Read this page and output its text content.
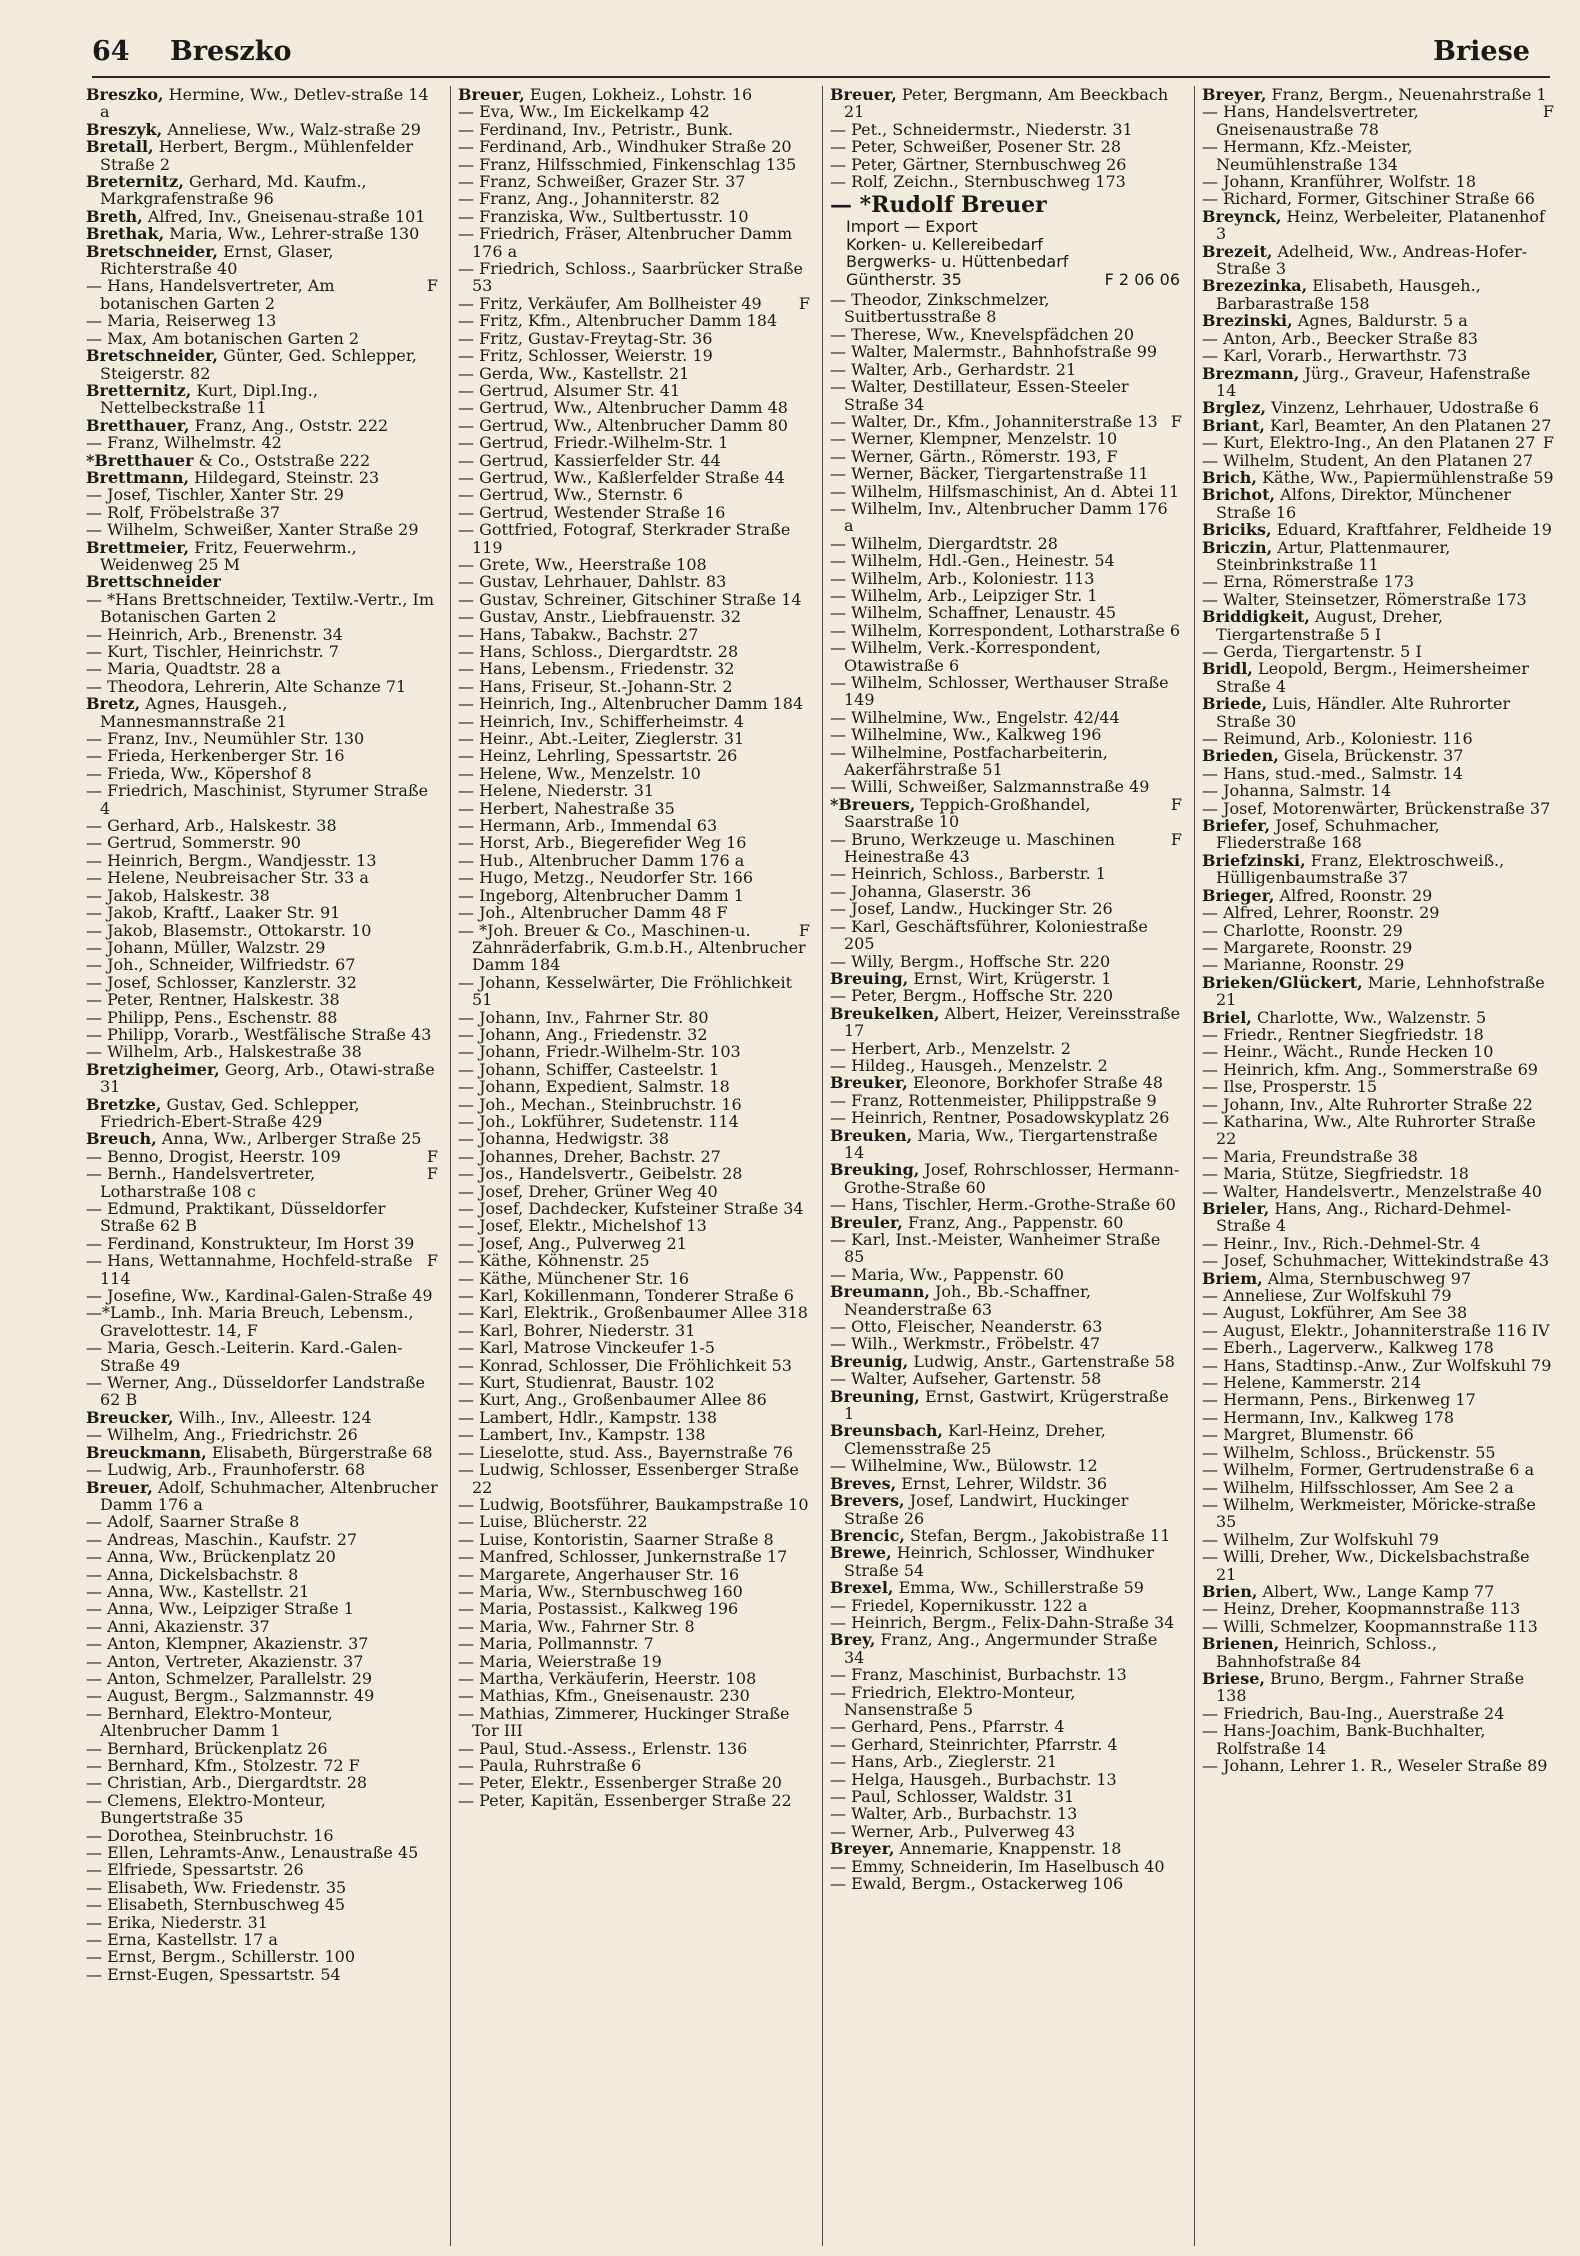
64 Breszko	Briese

Breszko, Hermine, Ww., Detlev-straße 14 a

Breszyk, Anneliese, Ww., Walz-straße 29

Bretall, Herbert, Bergm., Mühlenfelder Straße 2

Breternitz, Gerhard, Md. Kaufm., Markgrafenstraße 96

Breth, Alfred, Inv., Gneisenau-straße 101

Brethak, Maria, Ww., Lehrer-straße 130

Bretschneider, Ernst, Glaser, Richterstraße 40

F
— Hans, Handelsvertreter, Am botanischen Garten 2

— Maria, Reiserweg 13

— Max, Am botanischen Garten 2

Bretschneider, Günter, Ged. Schlepper, Steigerstr. 82

Bretternitz, Kurt, Dipl.Ing., Nettelbeckstraße 11

Bretthauer, Franz, Ang., Oststr. 222

— Franz, Wilhelmstr. 42

*Bretthauer & Co., Oststraße 222

Brettmann, Hildegard, Steinstr. 23

— Josef, Tischler, Xanter Str. 29

— Rolf, Fröbelstraße 37

— Wilhelm, Schweißer, Xanter Straße 29

Brettmeier, Fritz, Feuerwehrm., Weidenweg 25 M

Brettschneider

— *Hans Brettschneider, Textilw.-Vertr., Im Botanischen Garten 2

— Heinrich, Arb., Brenenstr. 34

— Kurt, Tischler, Heinrichstr. 7

— Maria, Quadtstr. 28 a

— Theodora, Lehrerin, Alte Schanze 71

Bretz, Agnes, Hausgeh., Mannesmannstraße 21

— Franz, Inv., Neumühler Str. 130

— Frieda, Herkenberger Str. 16

— Frieda, Ww., Köpershof 8

— Friedrich, Maschinist, Styrumer Straße 4

— Gerhard, Arb., Halskestr. 38

— Gertrud, Sommerstr. 90

— Heinrich, Bergm., Wandjesstr. 13

— Helene, Neubreisacher Str. 33 a

— Jakob, Halskestr. 38

— Jakob, Kraftf., Laaker Str. 91

— Jakob, Blasemstr., Ottokarstr. 10

— Johann, Müller, Walzstr. 29

— Joh., Schneider, Wilfriedstr. 67

— Josef, Schlosser, Kanzlerstr. 32

— Peter, Rentner, Halskestr. 38

— Philipp, Pens., Eschenstr. 88

— Philipp, Vorarb., Westfälische Straße 43

— Wilhelm, Arb., Halskestraße 38

Bretzigheimer, Georg, Arb., Otawi-straße 31

Bretzke, Gustav, Ged. Schlepper, Friedrich-Ebert-Straße 429

Breuch, Anna, Ww., Arlberger Straße 25

F
— Benno, Drogist, Heerstr. 109

F
— Bernh., Handelsvertreter, Lotharstraße 108 c

— Edmund, Praktikant, Düsseldorfer Straße 62 B

— Ferdinand, Konstrukteur, Im Horst 39

F
— Hans, Wettannahme, Hochfeld-straße 114

— Josefine, Ww., Kardinal-Galen-Straße 49

—*Lamb., Inh. Maria Breuch, Lebensm., Gravelottestr. 14, F

— Maria, Gesch.-Leiterin. Kard.-Galen-Straße 49

— Werner, Ang., Düsseldorfer Landstraße 62 B

Breucker, Wilh., Inv., Alleestr. 124

— Wilhelm, Ang., Friedrichstr. 26

Breuckmann, Elisabeth, Bürgerstraße 68

— Ludwig, Arb., Fraunhoferstr. 68

Breuer, Adolf, Schuhmacher, Altenbrucher Damm 176 a

— Adolf, Saarner Straße 8

— Andreas, Maschin., Kaufstr. 27

— Anna, Ww., Brückenplatz 20

— Anna, Dickelsbachstr. 8

— Anna, Ww., Kastellstr. 21

— Anna, Ww., Leipziger Straße 1

— Anni, Akazienstr. 37

— Anton, Klempner, Akazienstr. 37

— Anton, Vertreter, Akazienstr. 37

— Anton, Schmelzer, Parallelstr. 29

— August, Bergm., Salzmannstr. 49

— Bernhard, Elektro-Monteur, Altenbrucher Damm 1

— Bernhard, Brückenplatz 26

— Bernhard, Kfm., Stolzestr. 72 F

— Christian, Arb., Diergardtstr. 28

— Clemens, Elektro-Monteur, Bungertstraße 35

— Dorothea, Steinbruchstr. 16

— Ellen, Lehramts-Anw., Lenaustraße 45

— Elfriede, Spessartstr. 26

— Elisabeth, Ww. Friedenstr. 35

— Elisabeth, Sternbuschweg 45

— Erika, Niederstr. 31

— Erna, Kastellstr. 17 a

— Ernst, Bergm., Schillerstr. 100

— Ernst-Eugen, Spessartstr. 54

Breuer, Eugen, Lokheiz., Lohstr. 16

— Eva, Ww., Im Eickelkamp 42

— Ferdinand, Inv., Petristr., Bunk.

— Ferdinand, Arb., Windhuker Straße 20

— Franz, Hilfsschmied, Finkenschlag 135

— Franz, Schweißer, Grazer Str. 37

— Franz, Ang., Johanniterstr. 82

— Franziska, Ww., Sultbertusstr. 10

— Friedrich, Fräser, Altenbrucher Damm 176 a

— Friedrich, Schloss., Saarbrücker Straße 53

F
— Fritz, Verkäufer, Am Bollheister 49

— Fritz, Kfm., Altenbrucher Damm 184

— Fritz, Gustav-Freytag-Str. 36

— Fritz, Schlosser, Weierstr. 19

— Gerda, Ww., Kastellstr. 21

— Gertrud, Alsumer Str. 41

— Gertrud, Ww., Altenbrucher Damm 48

— Gertrud, Ww., Altenbrucher Damm 80

— Gertrud, Friedr.-Wilhelm-Str. 1

— Gertrud, Kassierfelder Str. 44

— Gertrud, Ww., Kaßlerfelder Straße 44

— Gertrud, Ww., Sternstr. 6

— Gertrud, Westender Straße 16

— Gottfried, Fotograf, Sterkrader Straße 119

— Grete, Ww., Heerstraße 108

— Gustav, Lehrhauer, Dahlstr. 83

— Gustav, Schreiner, Gitschiner Straße 14

— Gustav, Anstr., Liebfrauenstr. 32

— Hans, Tabakw., Bachstr. 27

— Hans, Schloss., Diergardtstr. 28

— Hans, Lebensm., Friedenstr. 32

— Hans, Friseur, St.-Johann-Str. 2

— Heinrich, Ing., Altenbrucher Damm 184

— Heinrich, Inv., Schifferheimstr. 4

— Heinr., Abt.-Leiter, Zieglerstr. 31

— Heinz, Lehrling, Spessartstr. 26

— Helene, Ww., Menzelstr. 10

— Helene, Niederstr. 31

— Herbert, Nahestraße 35

— Hermann, Arb., Immendal 63

— Horst, Arb., Biegerefider Weg 16

— Hub., Altenbrucher Damm 176 a

— Hugo, Metzg., Neudorfer Str. 166

— Ingeborg, Altenbrucher Damm 1

— Joh., Altenbrucher Damm 48 F

F
— *Joh. Breuer & Co., Maschinen-u. Zahnräderfabrik, G.m.b.H., Altenbrucher Damm 184

— Johann, Kesselwärter, Die Fröhlichkeit 51

— Johann, Inv., Fahrner Str. 80

— Johann, Ang., Friedenstr. 32

— Johann, Friedr.-Wilhelm-Str. 103

— Johann, Schiffer, Casteelstr. 1

— Johann, Expedient, Salmstr. 18

— Joh., Mechan., Steinbruchstr. 16

— Joh., Lokführer, Sudetenstr. 114

— Johanna, Hedwigstr. 38

— Johannes, Dreher, Bachstr. 27

— Jos., Handelsvertr., Geibelstr. 28

— Josef, Dreher, Grüner Weg 40

— Josef, Dachdecker, Kufsteiner Straße 34

— Josef, Elektr., Michelshof 13

— Josef, Ang., Pulverweg 21

— Käthe, Köhnenstr. 25

— Käthe, Münchener Str. 16

— Karl, Kokillenmann, Tonderer Straße 6

— Karl, Elektrik., Großenbaumer Allee 318

— Karl, Bohrer, Niederstr. 31

— Karl, Matrose Vinckeufer 1-5

— Konrad, Schlosser, Die Fröhlichkeit 53

— Kurt, Studienrat, Baustr. 102

— Kurt, Ang., Großenbaumer Allee 86

— Lambert, Hdlr., Kampstr. 138

— Lambert, Inv., Kampstr. 138

— Lieselotte, stud. Ass., Bayernstraße 76

— Ludwig, Schlosser, Essenberger Straße 22

— Ludwig, Bootsführer, Baukampstraße 10

— Luise, Blücherstr. 22

— Luise, Kontoristin, Saarner Straße 8

— Manfred, Schlosser, Junkernstraße 17

— Margarete, Angerhauser Str. 16

— Maria, Ww., Sternbuschweg 160

— Maria, Postassist., Kalkweg 196

— Maria, Ww., Fahrner Str. 8

— Maria, Pollmannstr. 7

— Maria, Weierstraße 19

— Martha, Verkäuferin, Heerstr. 108

— Mathias, Kfm., Gneisenaustr. 230

— Mathias, Zimmerer, Huckinger Straße Tor III

— Paul, Stud.-Assess., Erlenstr. 136

— Paula, Ruhrstraße 6

— Peter, Elektr., Essenberger Straße 20

— Peter, Kapitän, Essenberger Straße 22

Breuer, Peter, Bergmann, Am Beeckbach 21

— Pet., Schneidermstr., Niederstr. 31

— Peter, Schweißer, Posener Str. 28

— Peter, Gärtner, Sternbuschweg 26

— Rolf, Zeichn., Sternbuschweg 173

— *Rudolf Breuer
Import — Export
Korken- u. Kellereibedarf
Bergwerks- u. Hüttenbedarf
F 2 06 06
Güntherstr. 35

— Theodor, Zinkschmelzer, Suitbertusstraße 8

— Therese, Ww., Knevelspfädchen 20

— Walter, Malermstr., Bahnhofstraße 99

— Walter, Arb., Gerhardstr. 21

— Walter, Destillateur, Essen-Steeler Straße 34

F
— Walter, Dr., Kfm., Johanniterstraße 13

— Werner, Klempner, Menzelstr. 10

— Werner, Gärtn., Römerstr. 193, F

— Werner, Bäcker, Tiergartenstraße 11

— Wilhelm, Hilfsmaschinist, An d. Abtei 11

— Wilhelm, Inv., Altenbrucher Damm 176 a

— Wilhelm, Diergardtstr. 28

— Wilhelm, Hdl.-Gen., Heinestr. 54

— Wilhelm, Arb., Koloniestr. 113

— Wilhelm, Arb., Leipziger Str. 1

— Wilhelm, Schaffner, Lenaustr. 45

— Wilhelm, Korrespondent, Lotharstraße 6

— Wilhelm, Verk.-Korrespondent, Otawistraße 6

— Wilhelm, Schlosser, Werthauser Straße 149

— Wilhelmine, Ww., Engelstr. 42/44

— Wilhelmine, Ww., Kalkweg 196

— Wilhelmine, Postfacharbeiterin, Aakerfährstraße 51

— Willi, Schweißer, Salzmannstraße 49

F
*Breuers, Teppich-Großhandel, Saarstraße 10

F
— Bruno, Werkzeuge u. Maschinen Heinestraße 43

— Heinrich, Schloss., Barberstr. 1

— Johanna, Glaserstr. 36

— Josef, Landw., Huckinger Str. 26

— Karl, Geschäftsführer, Koloniestraße 205

— Willy, Bergm., Hoffsche Str. 220

Breuing, Ernst, Wirt, Krügerstr. 1

— Peter, Bergm., Hoffsche Str. 220

Breukelken, Albert, Heizer, Vereinsstraße 17

— Herbert, Arb., Menzelstr. 2

— Hildeg., Hausgeh., Menzelstr. 2

Breuker, Eleonore, Borkhofer Straße 48

— Franz, Rottenmeister, Philippstraße 9

— Heinrich, Rentner, Posadowskyplatz 26

Breuken, Maria, Ww., Tiergartenstraße 14

Breuking, Josef, Rohrschlosser, Hermann-Grothe-Straße 60

— Hans, Tischler, Herm.-Grothe-Straße 60

Breuler, Franz, Ang., Pappenstr. 60

— Karl, Inst.-Meister, Wanheimer Straße 85

— Maria, Ww., Pappenstr. 60

Breumann, Joh., Bb.-Schaffner, Neanderstraße 63

— Otto, Fleischer, Neanderstr. 63

— Wilh., Werkmstr., Fröbelstr. 47

Breunig, Ludwig, Anstr., Gartenstraße 58

— Walter, Aufseher, Gartenstr. 58

Breuning, Ernst, Gastwirt, Krügerstraße 1

Breunsbach, Karl-Heinz, Dreher, Clemensstraße 25

— Wilhelmine, Ww., Bülowstr. 12

Breves, Ernst, Lehrer, Wildstr. 36

Brevers, Josef, Landwirt, Huckinger Straße 26

Brencic, Stefan, Bergm., Jakobistraße 11

Brewe, Heinrich, Schlosser, Windhuker Straße 54

Brexel, Emma, Ww., Schillerstraße 59

— Friedel, Kopernikusstr. 122 a

— Heinrich, Bergm., Felix-Dahn-Straße 34

Brey, Franz, Ang., Angermunder Straße 34

— Franz, Maschinist, Burbachstr. 13

— Friedrich, Elektro-Monteur, Nansenstraße 5

— Gerhard, Pens., Pfarrstr. 4

— Gerhard, Steinrichter, Pfarrstr. 4

— Hans, Arb., Zieglerstr. 21

— Helga, Hausgeh., Burbachstr. 13

— Paul, Schlosser, Waldstr. 31

— Walter, Arb., Burbachstr. 13

— Werner, Arb., Pulverweg 43

Breyer, Annemarie, Knappenstr. 18

— Emmy, Schneiderin, Im Haselbusch 40

— Ewald, Bergm., Ostackerweg 106

Breyer, Franz, Bergm., Neuenahrstraße 1

F
— Hans, Handelsvertreter, Gneisenaustraße 78

— Hermann, Kfz.-Meister, Neumühlenstraße 134

— Johann, Kranführer, Wolfstr. 18

— Richard, Former, Gitschiner Straße 66

Breynck, Heinz, Werbeleiter, Platanenhof 3

Brezeit, Adelheid, Ww., Andreas-Hofer-Straße 3

Brezezinka, Elisabeth, Hausgeh., Barbarastraße 158

Brezinski, Agnes, Baldurstr. 5 a

— Anton, Arb., Beecker Straße 83

— Karl, Vorarb., Herwarthstr. 73

Brezmann, Jürg., Graveur, Hafenstraße 14

Brglez, Vinzenz, Lehrhauer, Udostraße 6

Briant, Karl, Beamter, An den Platanen 27

F
— Kurt, Elektro-Ing., An den Platanen 27

— Wilhelm, Student, An den Platanen 27

Brich, Käthe, Ww., Papiermühlenstraße 59

Brichot, Alfons, Direktor, Münchener Straße 16

Briciks, Eduard, Kraftfahrer, Feldheide 19

Briczin, Artur, Plattenmaurer, Steinbrinkstraße 11

— Erna, Römerstraße 173

— Walter, Steinsetzer, Römerstraße 173

Briddigkeit, August, Dreher, Tiergartenstraße 5 I

— Gerda, Tiergartenstr. 5 I

Bridl, Leopold, Bergm., Heimersheimer Straße 4

Briede, Luis, Händler. Alte Ruhrorter Straße 30

— Reimund, Arb., Koloniestr. 116

Brieden, Gisela, Brückenstr. 37

— Hans, stud.-med., Salmstr. 14

— Johanna, Salmstr. 14

— Josef, Motorenwärter, Brückenstraße 37

Briefer, Josef, Schuhmacher, Fliederstraße 168

Briefzinski, Franz, Elektroschweiß., Hülligenbaumstraße 37

Brieger, Alfred, Roonstr. 29

— Alfred, Lehrer, Roonstr. 29

— Charlotte, Roonstr. 29

— Margarete, Roonstr. 29

— Marianne, Roonstr. 29

Brieken/Glückert, Marie, Lehnhofstraße 21

Briel, Charlotte, Ww., Walzenstr. 5

— Friedr., Rentner Siegfriedstr. 18

— Heinr., Wächt., Runde Hecken 10

— Heinrich, kfm. Ang., Sommerstraße 69

— Ilse, Prosperstr. 15

— Johann, Inv., Alte Ruhrorter Straße 22

— Katharina, Ww., Alte Ruhrorter Straße 22

— Maria, Freundstraße 38

— Maria, Stütze, Siegfriedstr. 18

— Walter, Handelsvertr., Menzelstraße 40

Brieler, Hans, Ang., Richard-Dehmel-Straße 4

— Heinr., Inv., Rich.-Dehmel-Str. 4

— Josef, Schuhmacher, Wittekindstraße 43

Briem, Alma, Sternbuschweg 97

— Anneliese, Zur Wolfskuhl 79

— August, Lokführer, Am See 38

— August, Elektr., Johanniterstraße 116 IV

— Eberh., Lagerverw., Kalkweg 178

— Hans, Stadtinsp.-Anw., Zur Wolfskuhl 79

— Helene, Kammerstr. 214

— Hermann, Pens., Birkenweg 17

— Hermann, Inv., Kalkweg 178

— Margret, Blumenstr. 66

— Wilhelm, Schloss., Brückenstr. 55

— Wilhelm, Former, Gertrudenstraße 6 a

— Wilhelm, Hilfsschlosser, Am See 2 a

— Wilhelm, Werkmeister, Möricke-straße 35

— Wilhelm, Zur Wolfskuhl 79

— Willi, Dreher, Ww., Dickelsbachstraße 21

Brien, Albert, Ww., Lange Kamp 77

— Heinz, Dreher, Koopmannstraße 113

— Willi, Schmelzer, Koopmannstraße 113

Brienen, Heinrich, Schloss., Bahnhofstraße 84

Briese, Bruno, Bergm., Fahrner Straße 138

— Friedrich, Bau-Ing., Auerstraße 24

— Hans-Joachim, Bank-Buchhalter, Rolfstraße 14

— Johann, Lehrer 1. R., Weseler Straße 89
